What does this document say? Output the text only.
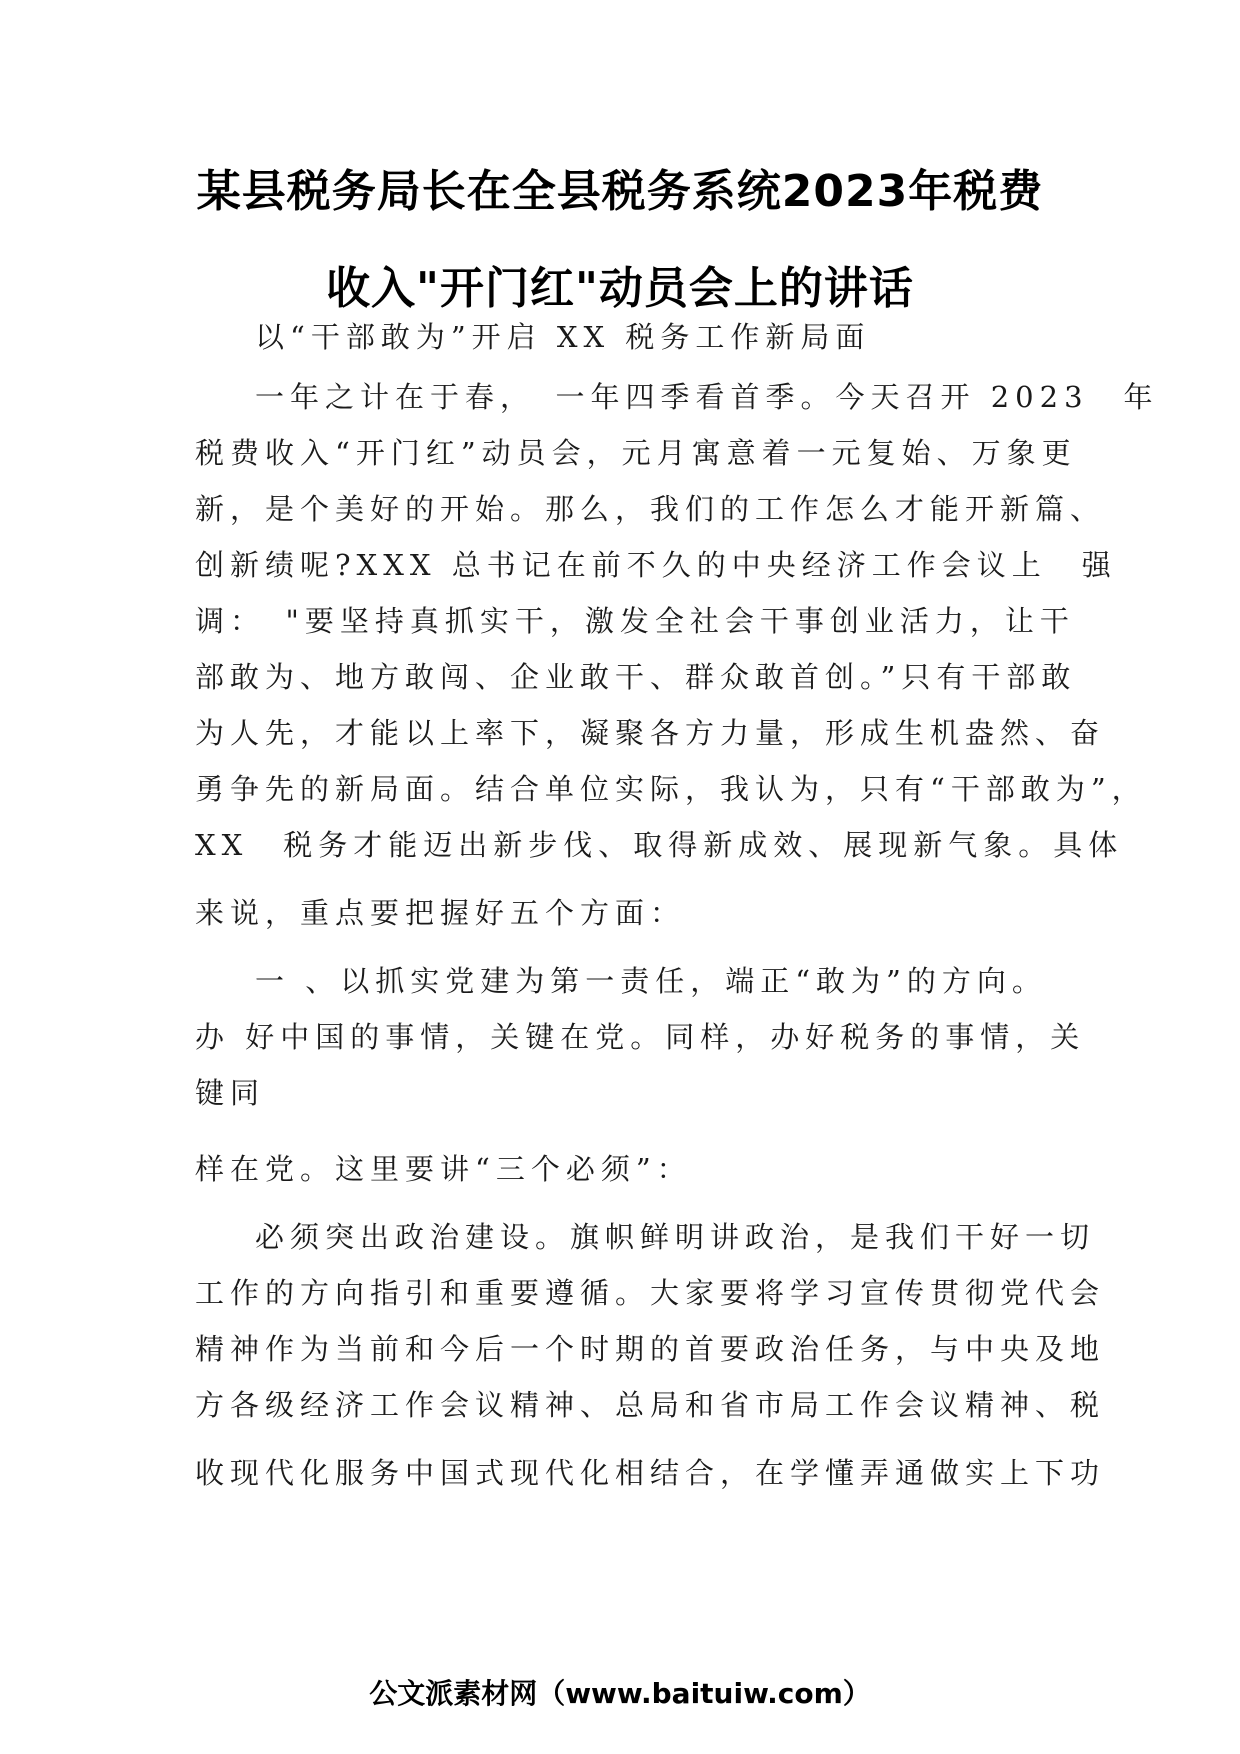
某县税务局长在全县税务系统2023年税费
收入"开门红"动员会上的讲话
以“干部敢为”开启 XX 税务工作新局面
一年之计在于春，　一年四季看首季。今天召开 2023　年
税费收入“开门红”动员会，元月寓意着一元复始、万象更
新，是个美好的开始。那么，我们的工作怎么才能开新篇、
创新绩呢?XXX 总书记在前不久的中央经济工作会议上　强
调：　"要坚持真抓实干，激发全社会干事创业活力，让干
部敢为、地方敢闯、企业敢干、群众敢首创。”只有干部敢
为人先，才能以上率下，凝聚各方力量，形成生机盎然、奋
勇争先的新局面。结合单位实际，我认为，只有“干部敢为”，
XX　税务才能迈出新步伐、取得新成效、展现新气象。具体
来说，重点要把握好五个方面：
一 、以抓实党建为第一责任，端正“敢为”的方向。
办 好中国的事情，关键在党。同样，办好税务的事情，关
键同
样在党。这里要讲“三个必须”：
必须突出政治建设。旗帜鲜明讲政治，是我们干好一切
工作的方向指引和重要遵循。大家要将学习宣传贯彻党代会
精神作为当前和今后一个时期的首要政治任务，与中央及地
方各级经济工作会议精神、总局和省市局工作会议精神、税
收现代化服务中国式现代化相结合，在学懂弄通做实上下功
公文派素材网（www.baituiw.com）
